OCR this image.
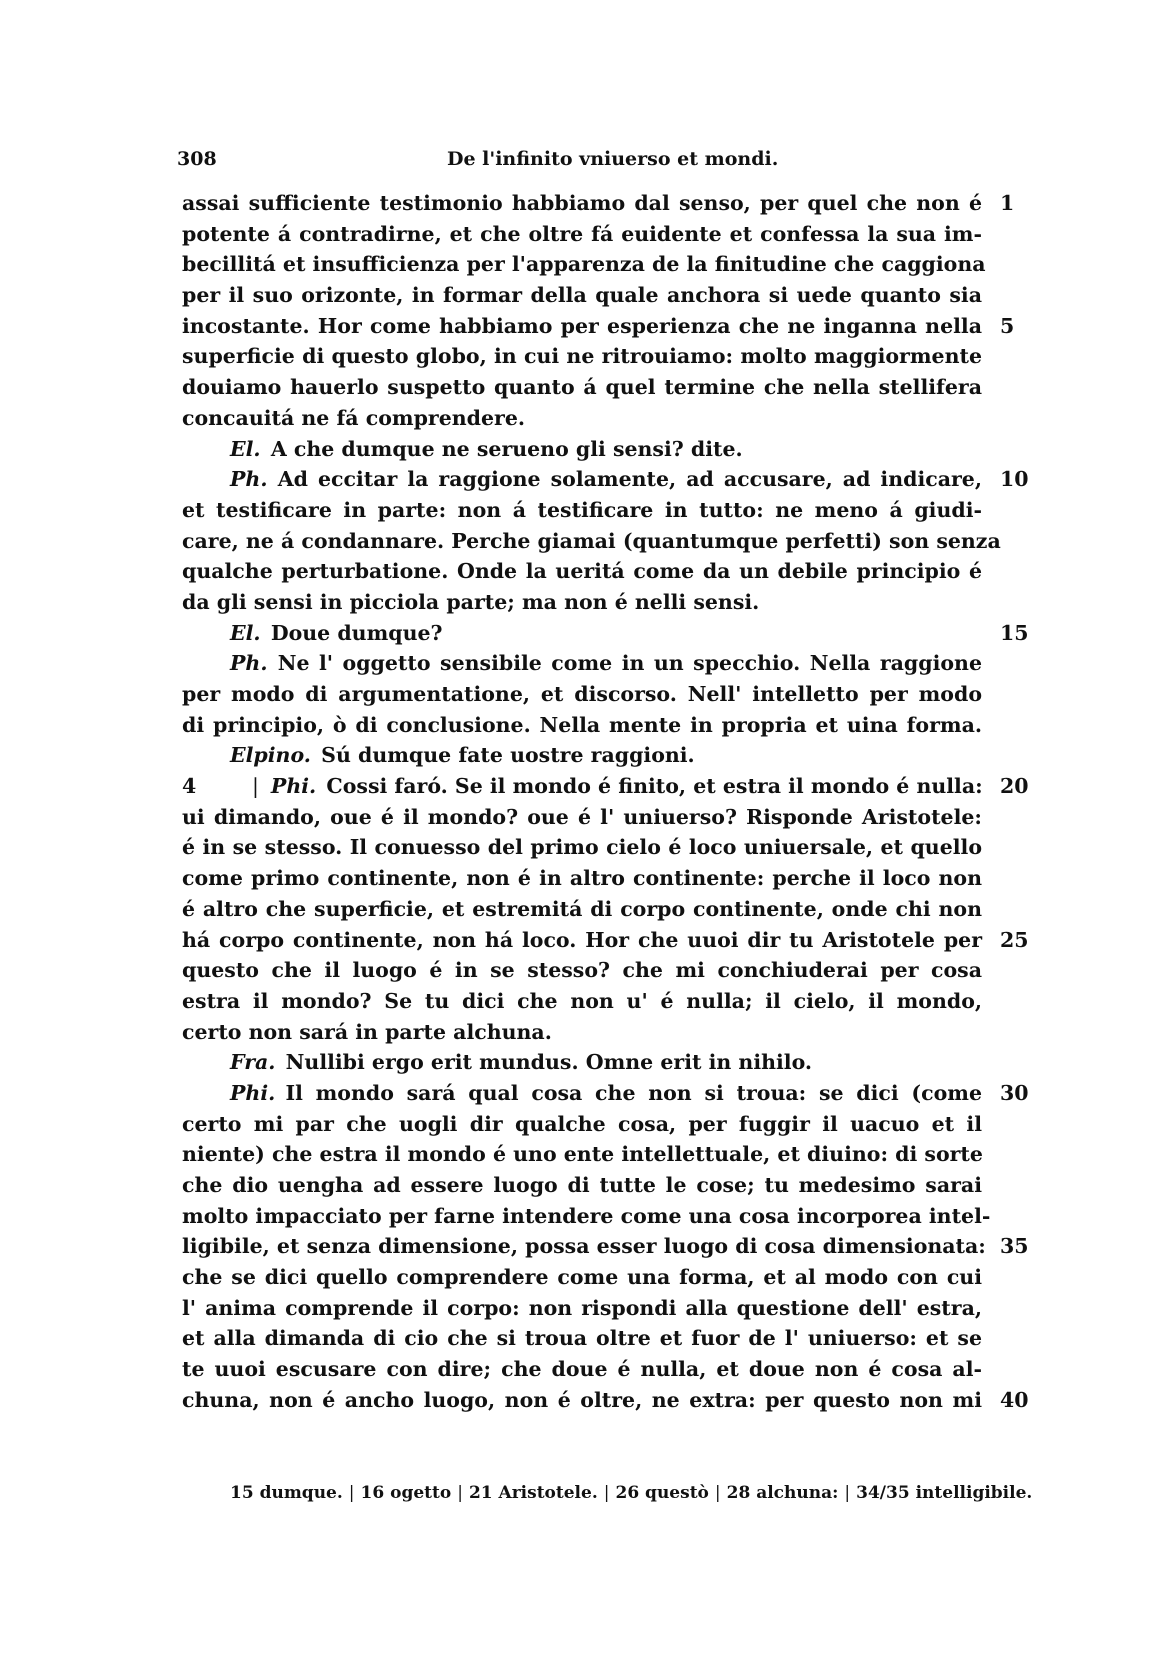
308	De l'infinito vniuerso et mondi.
assai sufficiente testimonio habbiamo dal senso, per quel che non é 1
potente á contradirne, et che oltre fá euidente et confessa la sua im-
becillitá et insufficienza per l'apparenza de la finitudine che caggiona
per il suo orizonte, in formar della quale anchora si uede quanto sia
incostante. Hor come habbiamo per esperienza che ne inganna nella 5
superficie di questo globo, in cui ne ritrouiamo: molto maggiormente
douiamo hauerlo suspetto quanto á quel termine che nella stellifera
concauitá ne fá comprendere.
El.  A che dumque ne serueno gli sensi? dite.
Ph.  Ad eccitar la raggione solamente, ad accusare, ad indicare, 10
et testificare in parte: non á testificare in tutto: ne meno á giudi-
care, ne á condannare. Perche giamai (quantumque perfetti) son senza
qualche perturbatione. Onde la ueritá come da un debile principio é
da gli sensi in picciola parte; ma non é nelli sensi.
El.  Doue dumque?	15
Ph.  Ne l' oggetto sensibile come in un specchio. Nella raggione
per modo di argumentatione, et discorso. Nell' intelletto per modo
di principio, ò di conclusione. Nella mente in propria et uina forma.
Elpino.  Sú dumque fate uostre raggioni.
4	| Phi.  Cossi faró. Se il mondo é finito, et estra il mondo é nulla: 20
ui dimando, oue é il mondo? oue é l' uniuerso? Risponde Aristotele:
é in se stesso. Il conuesso del primo cielo é loco uniuersale, et quello
come primo continente, non é in altro continente: perche il loco non
é altro che superficie, et estremitá di corpo continente, onde chi non
há corpo continente, non há loco. Hor che uuoi dir tu Aristotele per 25
questo che il luogo é in se stesso? che mi conchiuderai per cosa
estra il mondo? Se tu dici che non u' é nulla; il cielo, il mondo,
certo non sará in parte alchuna.
Fra.  Nullibi ergo erit mundus. Omne erit in nihilo.
Phi.  Il mondo sará qual cosa che non si troua: se dici (come 30
certo mi par che uogli dir qualche cosa, per fuggir il uacuo et il
niente) che estra il mondo é uno ente intellettuale, et diuino: di sorte
che dio uengha ad essere luogo di tutte le cose; tu medesimo sarai
molto impacciato per farne intendere come una cosa incorporea intel-
ligibile, et senza dimensione, possa esser luogo di cosa dimensionata: 35
che se dici quello comprendere come una forma, et al modo con cui
l' anima comprende il corpo: non rispondi alla questione dell' estra,
et alla dimanda di cio che si troua oltre et fuor de l' uniuerso: et se
te uuoi escusare con dire; che doue é nulla, et doue non é cosa al-
chuna, non é ancho luogo, non é oltre, ne extra: per questo non mi 40
15 dumque. | 16 ogetto | 21 Aristotele. | 26 questò | 28 alchuna: | 34/35 intelligibile.
